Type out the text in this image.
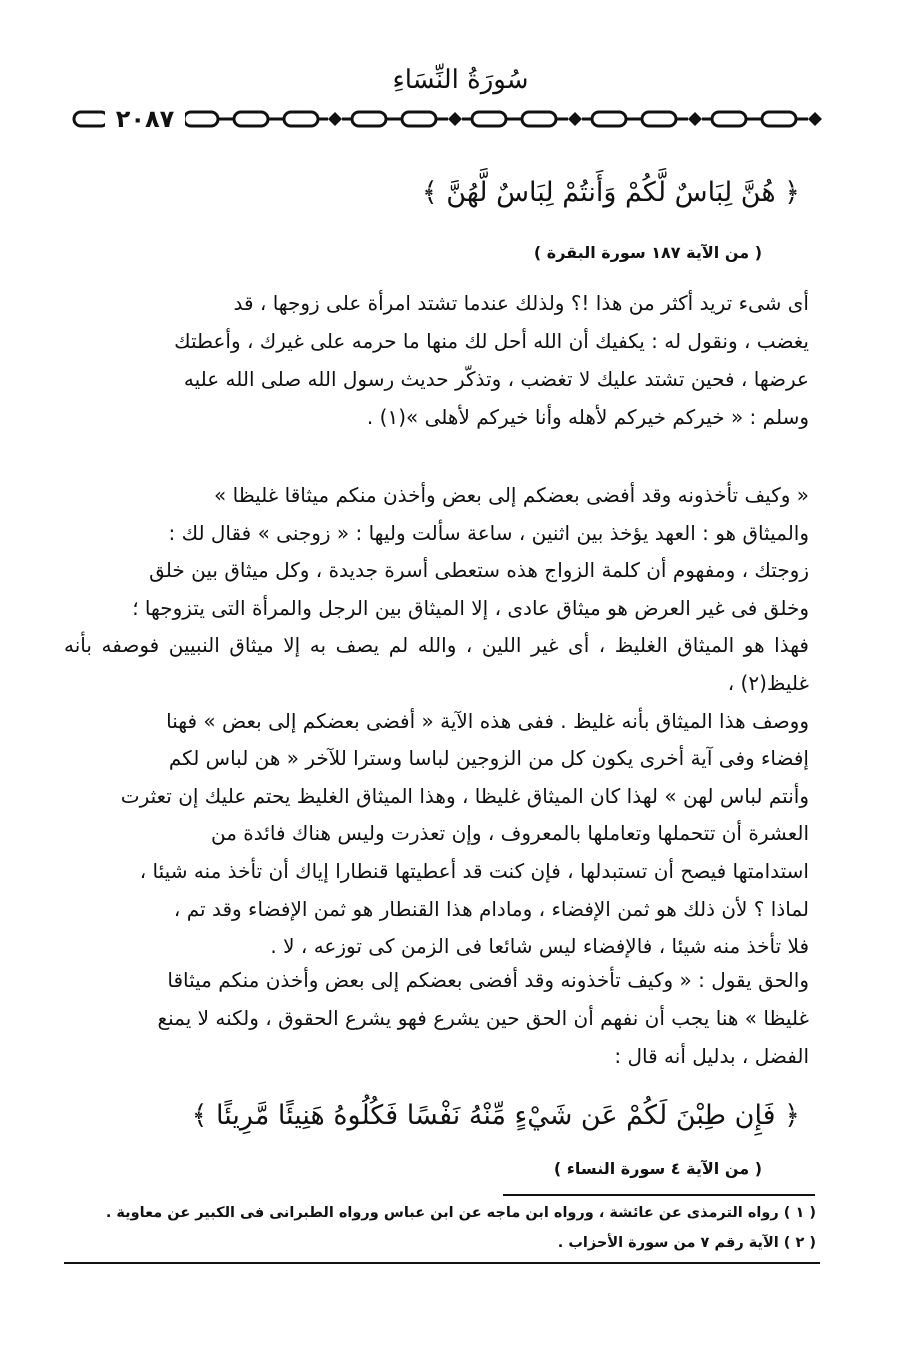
سُورَةُ النِّسَاءِ
٢٠٨٧
﴿ هُنَّ لِبَاسٌ لَّكُمْ وَأَنتُمْ لِبَاسٌ لَّهُنَّ ﴾
( من الآية ١٨٧ سورة البقرة )

أى شىء تريد أكثر من هذا !؟ ولذلك عندما تشتد امرأة على زوجها ، قد

يغضب ، ونقول له : يكفيك أن الله أحل لك منها ما حرمه على غيرك ، وأعطتك

عرضها ، فحين تشتد عليك لا تغضب ، وتذكّر حديث رسول الله صلى الله عليه

وسلم : « خيركم خيركم لأهله وأنا خيركم لأهلى »(١) .

« وكيف تأخذونه وقد أفضى بعضكم إلى بعض وأخذن منكم ميثاقا غليظا »

والميثاق هو : العهد يؤخذ بين اثنين ، ساعة سألت وليها : « زوجنى » فقال لك :

زوجتك ، ومفهوم أن كلمة الزواج هذه ستعطى أسرة جديدة ، وكل ميثاق بين خلق

وخلق فى غير العرض هو ميثاق عادى ، إلا الميثاق بين الرجل والمرأة التى يتزوجها ؛

فهذا هو الميثاق الغليظ ، أى غير اللين ، والله لم يصف به إلا ميثاق النبيين فوصفه بأنه غليظ(٢) ،

ووصف هذا الميثاق بأنه غليظ . ففى هذه الآية « أفضى بعضكم إلى بعض » فهنا

إفضاء وفى آية أخرى يكون كل من الزوجين لباسا وسترا للآخر « هن لباس لكم

وأنتم لباس لهن » لهذا كان الميثاق غليظا ، وهذا الميثاق الغليظ يحتم عليك إن تعثرت

العشرة أن تتحملها وتعاملها بالمعروف ، وإن تعذرت وليس هناك فائدة من

استدامتها فيصح أن تستبدلها ، فإن كنت قد أعطيتها قنطارا إياك أن تأخذ منه شيئا ،

لماذا ؟ لأن ذلك هو ثمن الإفضاء ، ومادام هذا القنطار هو ثمن الإفضاء وقد تم ،

فلا تأخذ منه شيئا ، فالإفضاء ليس شائعا فى الزمن كى توزعه ، لا .

والحق يقول : « وكيف تأخذونه وقد أفضى بعضكم إلى بعض وأخذن منكم ميثاقا

غليظا » هنا يجب أن نفهم أن الحق حين يشرع فهو يشرع الحقوق ، ولكنه لا يمنع

الفضل ، بدليل أنه قال :

﴿ فَإِن طِبْنَ لَكُمْ عَن شَيْءٍ مِّنْهُ نَفْسًا فَكُلُوهُ هَنِيئًا مَّرِيئًا ﴾
( من الآية ٤ سورة النساء )
( ١ ) رواه الترمذى عن عائشة ، ورواه ابن ماجه عن ابن عباس ورواه الطبرانى فى الكبير عن معاوية .
( ٢ ) الآية رقم ٧ من سورة الأحزاب .
